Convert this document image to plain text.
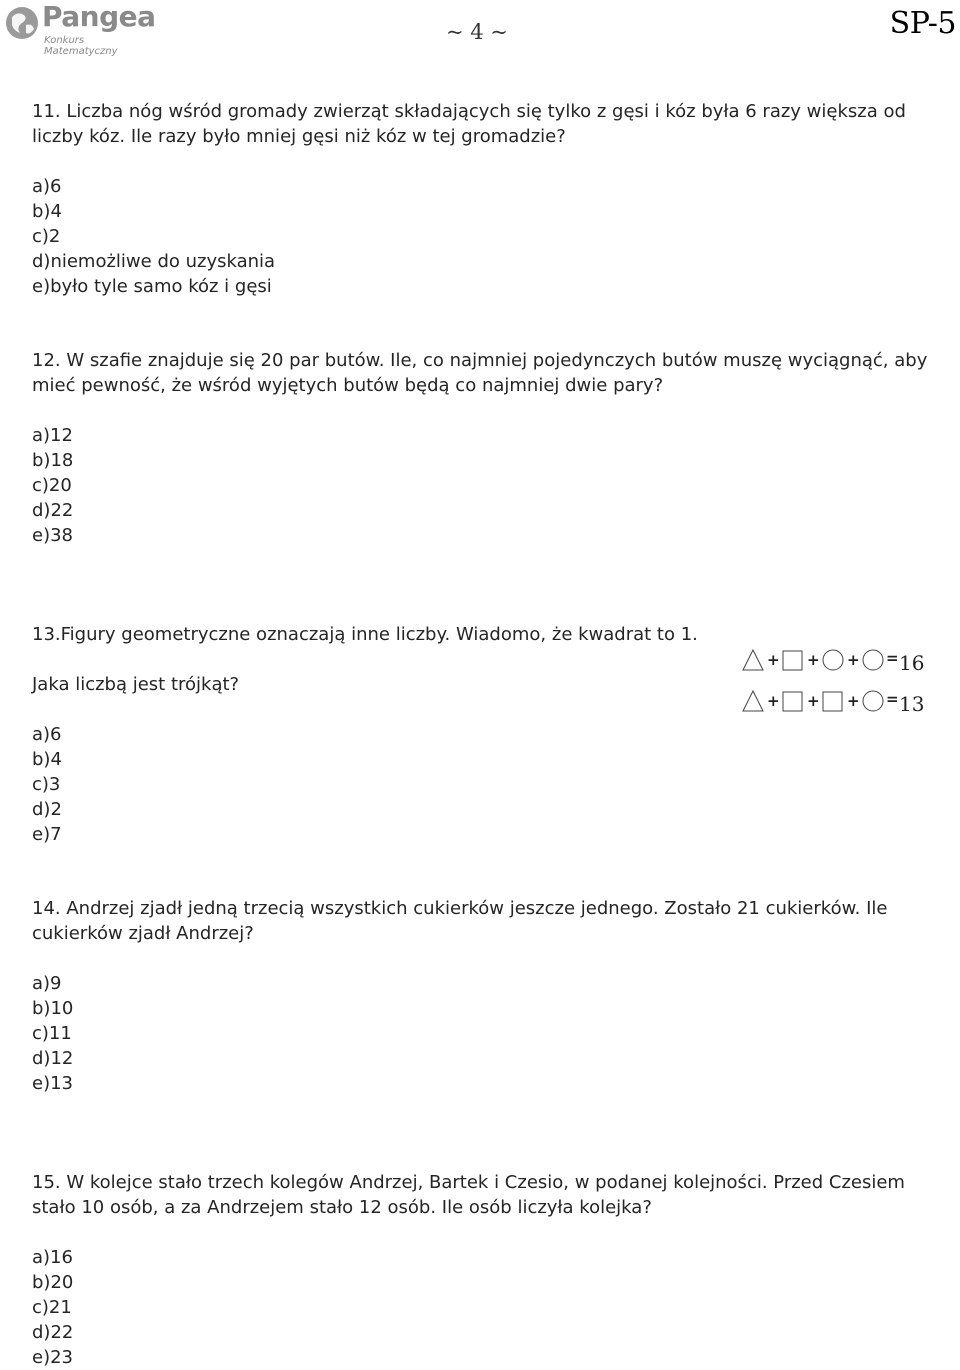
Pangea
Konkurs Matematyczny
~ 4 ~	SP-5

11. Liczba nóg wśród gromady zwierząt składających się tylko z gęsi i kóz była 6 razy większa od liczby kóz. Ile razy było mniej gęsi niż kóz w tej gromadzie?

a)6
b)4
c)2
d)niemożliwe do uzyskania
e)było tyle samo kóz i gęsi

12. W szafie znajduje się 20 par butów. Ile, co najmniej pojedynczych butów muszę wyciągnąć, aby mieć pewność, że wśród wyjętych butów będą co najmniej dwie pary?

a)12
b)18
c)20
d)22
e)38

13.Figury geometryczne oznaczają inne liczby. Wiadomo, że kwadrat to 1.

Jaka liczbą jest trójkąt?

a)6
b)4
c)3
d)2
e)7
+ + + = 16
+ + + = 13

14. Andrzej zjadł jedną trzecią wszystkich cukierków jeszcze jednego. Zostało 21 cukierków. Ile cukierków zjadł Andrzej?

a)9
b)10
c)11
d)12
e)13

15. W kolejce stało trzech kolegów Andrzej, Bartek i Czesio, w podanej kolejności. Przed Czesiem stało 10 osób, a za Andrzejem stało 12 osób. Ile osób liczyła kolejka?

a)16
b)20
c)21
d)22
e)23
